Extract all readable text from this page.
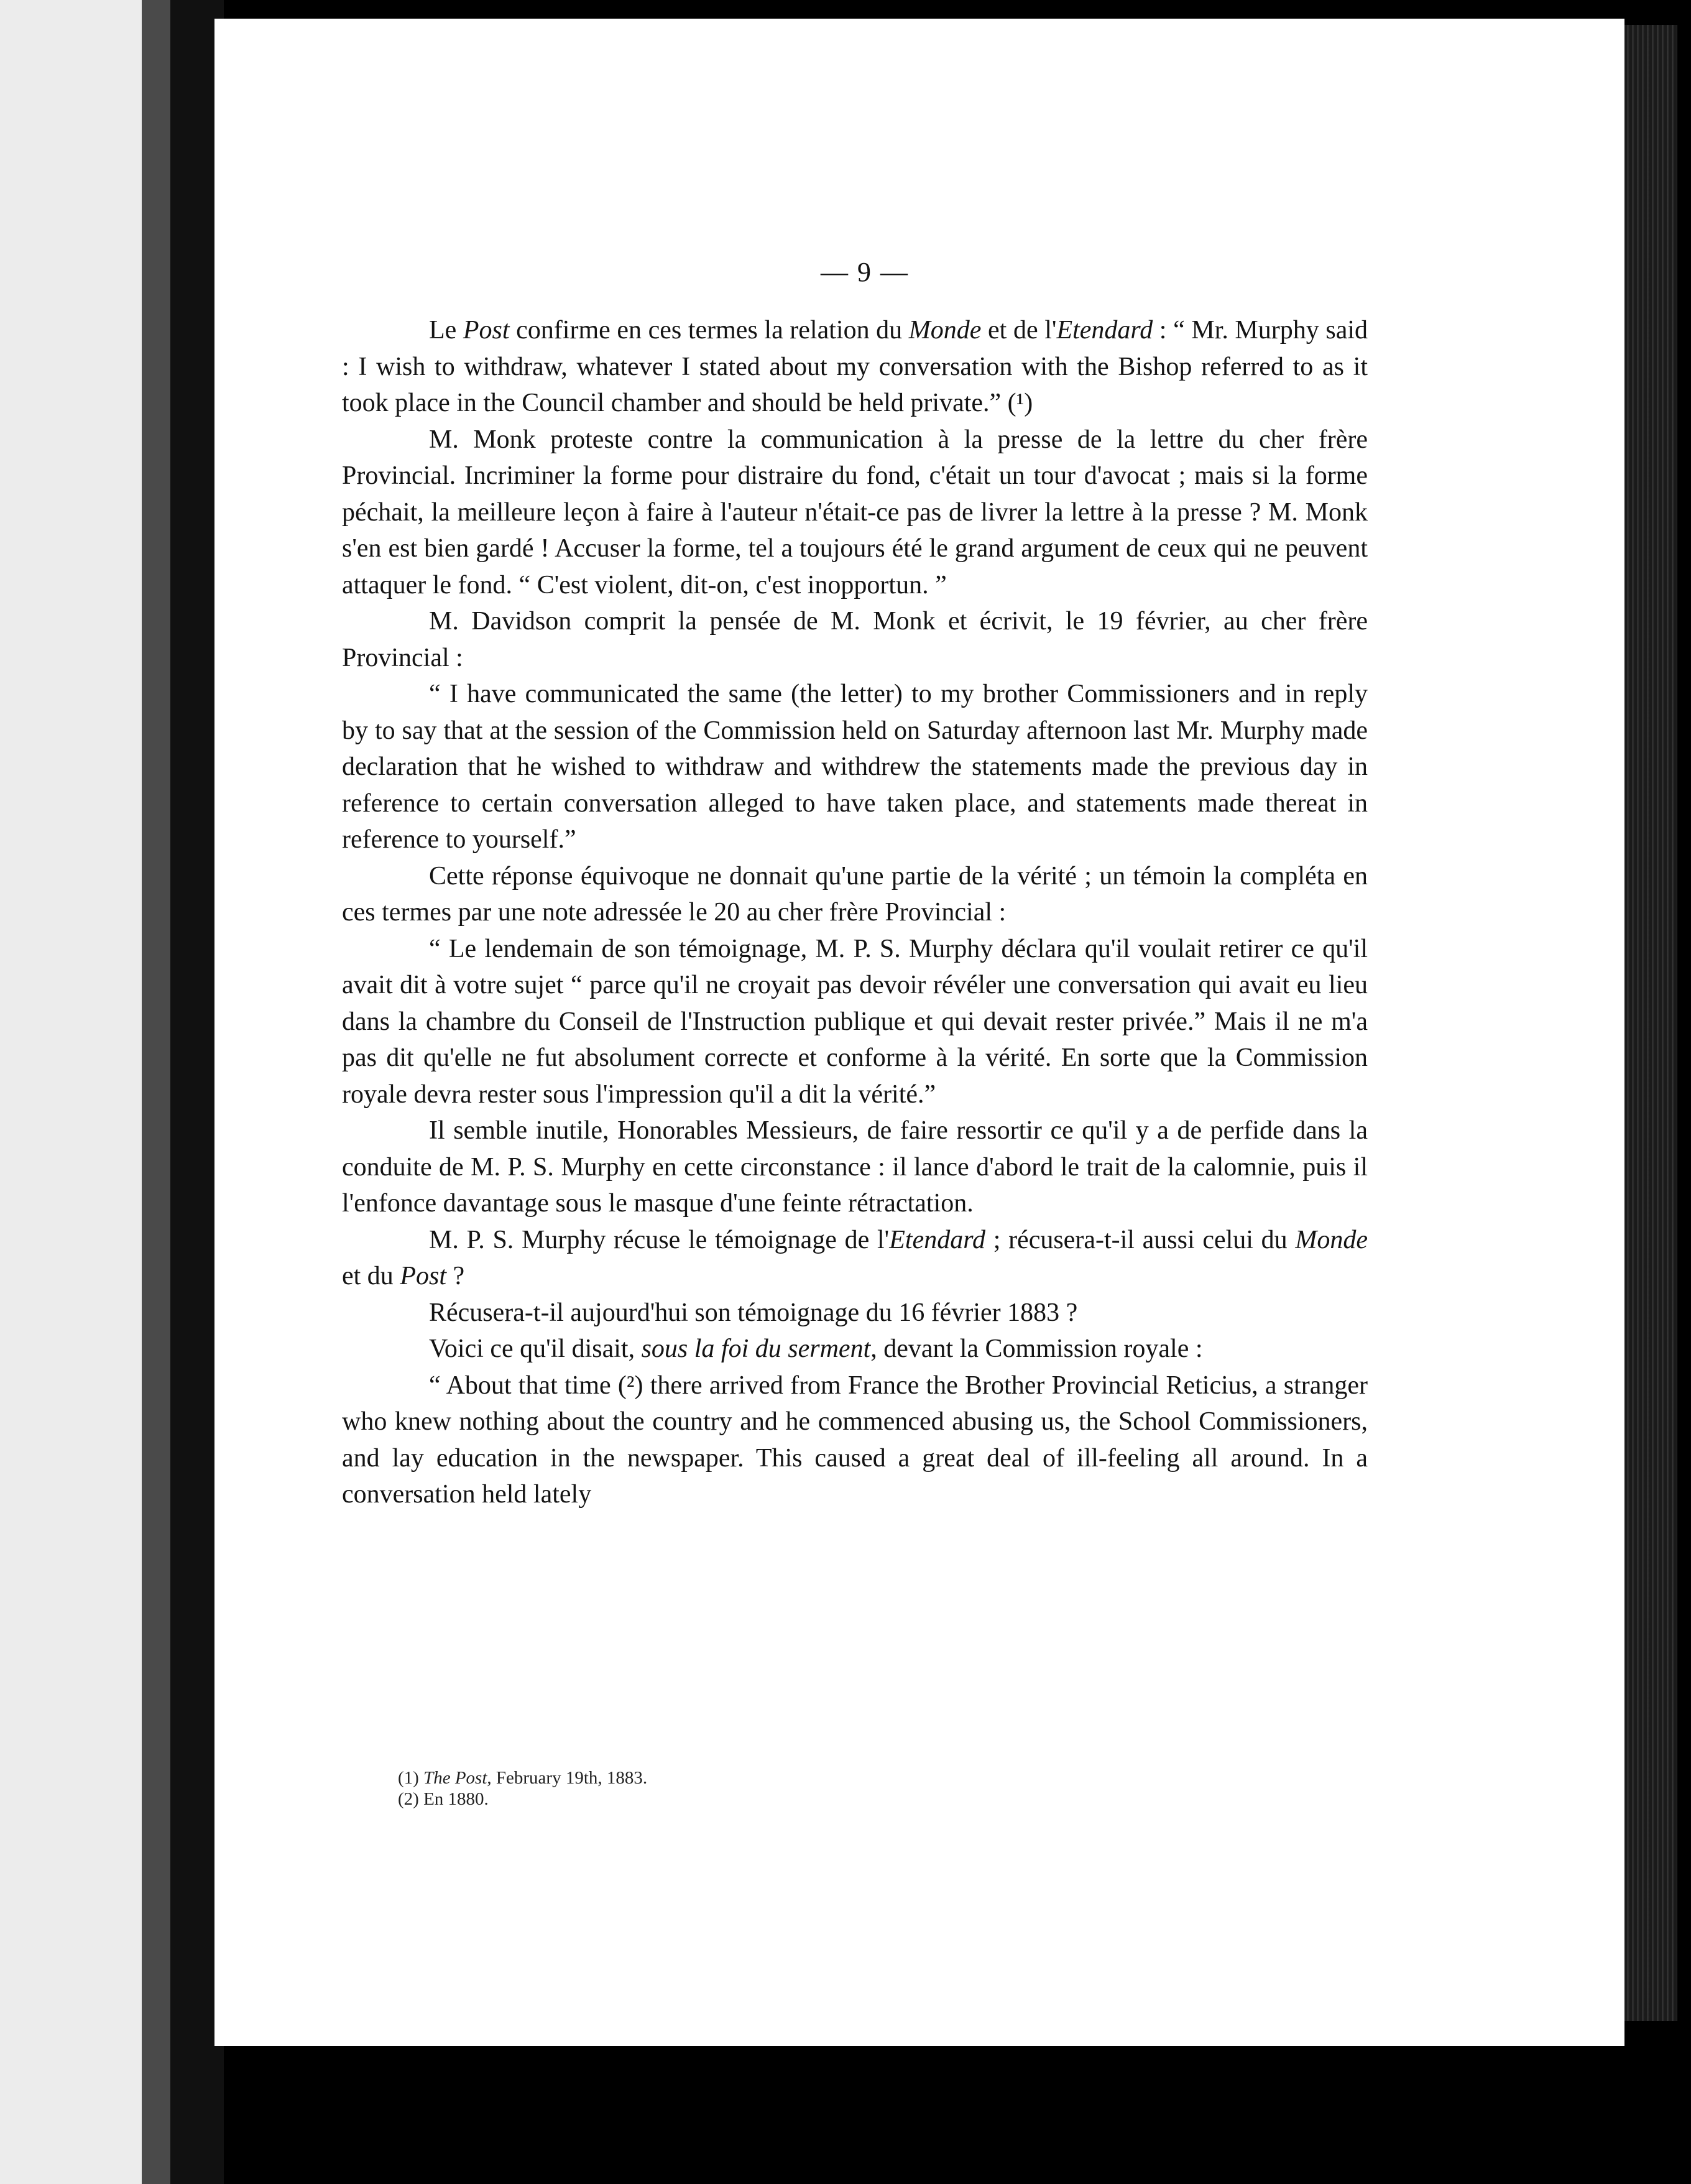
— 9 —

Le Post confirme en ces termes la relation du Monde et de l'Etendard : “ Mr. Murphy said : I wish to withdraw, whatever I stated about my conversation with the Bishop referred to as it took place in the Council chamber and should be held private.” (¹)

M. Monk proteste contre la communication à la presse de la lettre du cher frère Provincial. Incriminer la forme pour distraire du fond, c'était un tour d'avocat ; mais si la forme péchait, la meilleure leçon à faire à l'auteur n'était-ce pas de livrer la lettre à la presse ? M. Monk s'en est bien gardé ! Accuser la forme, tel a toujours été le grand argument de ceux qui ne peuvent attaquer le fond. “ C'est violent, dit-on, c'est inopportun. ”

M. Davidson comprit la pensée de M. Monk et écrivit, le 19 février, au cher frère Provincial :

“ I have communicated the same (the letter) to my brother Commissioners and in reply by to say that at the session of the Commission held on Saturday afternoon last Mr. Murphy made declaration that he wished to withdraw and withdrew the statements made the previous day in reference to certain conversation alleged to have taken place, and statements made thereat in reference to yourself.”

Cette réponse équivoque ne donnait qu'une partie de la vérité ; un témoin la compléta en ces termes par une note adressée le 20 au cher frère Provincial :

“ Le lendemain de son témoignage, M. P. S. Murphy déclara qu'il voulait retirer ce qu'il avait dit à votre sujet “ parce qu'il ne croyait pas devoir révéler une conversation qui avait eu lieu dans la chambre du Conseil de l'Instruction publique et qui devait rester privée.” Mais il ne m'a pas dit qu'elle ne fut absolument correcte et conforme à la vérité. En sorte que la Commission royale devra rester sous l'impression qu'il a dit la vérité.”

Il semble inutile, Honorables Messieurs, de faire ressortir ce qu'il y a de perfide dans la conduite de M. P. S. Murphy en cette circonstance : il lance d'abord le trait de la calomnie, puis il l'enfonce davantage sous le masque d'une feinte rétractation.

M. P. S. Murphy récuse le témoignage de l'Etendard ; récusera-t-il aussi celui du Monde et du Post ?

Récusera-t-il aujourd'hui son témoignage du 16 février 1883 ?

Voici ce qu'il disait, sous la foi du serment, devant la Commission royale :

“ About that time (²) there arrived from France the Brother Provincial Reticius, a stranger who knew nothing about the country and he commenced abusing us, the School Commissioners, and lay education in the newspaper. This caused a great deal of ill-feeling all around. In a conversation held lately

(1) The Post, February 19th, 1883.

(2) En 1880.
